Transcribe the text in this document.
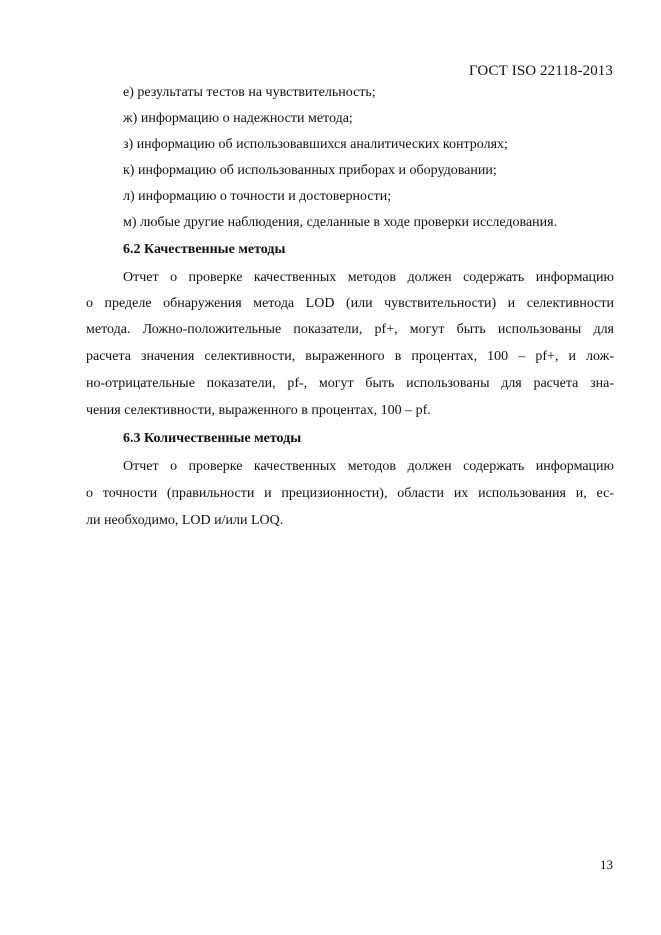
ГОСТ ISO 22118-2013
е) результаты тестов на чувствительность;
ж) информацию о надежности метода;
з) информацию об использовавшихся аналитических контролях;
к) информацию об использованных приборах и оборудовании;
л) информацию о точности и достоверности;
м) любые другие наблюдения, сделанные в ходе проверки исследования.
6.2 Качественные методы
Отчет о проверке качественных методов должен содержать информацию
о пределе обнаружения метода LOD (или чувствительности) и селективности
метода. Ложно-положительные показатели, pf+, могут быть использованы для
расчета значения селективности, выраженного в процентах, 100 – pf+, и лож-
но-отрицательные показатели, pf-, могут быть использованы для расчета зна-
чения селективности, выраженного в процентах, 100 – pf.
6.3 Количественные методы
Отчет о проверке качественных методов должен содержать информацию
о точности (правильности и прецизионности), области их использования и, ес-
ли необходимо, LOD и/или LOQ.
13
